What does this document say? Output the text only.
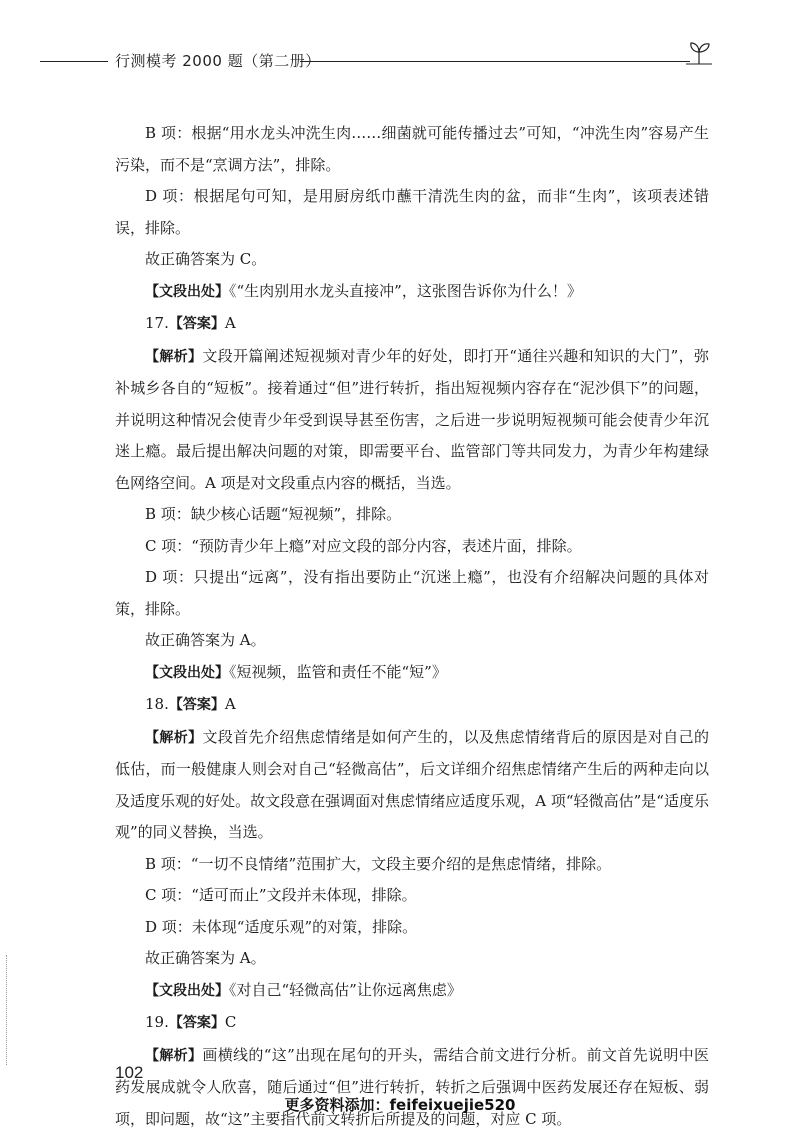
行测模考 2000 题（第二册）

B 项：根据“用水龙头冲洗生肉……细菌就可能传播过去”可知，“冲洗生肉”容易产生污染，而不是“烹调方法”，排除。

D 项：根据尾句可知，是用厨房纸巾蘸干清洗生肉的盆，而非“生肉”，该项表述错误，排除。

故正确答案为 C。

【文段出处】《“生肉别用水龙头直接冲”，这张图告诉你为什么！》

17.【答案】A

【解析】文段开篇阐述短视频对青少年的好处，即打开“通往兴趣和知识的大门”，弥补城乡各自的“短板”。接着通过“但”进行转折，指出短视频内容存在“泥沙俱下”的问题，并说明这种情况会使青少年受到误导甚至伤害，之后进一步说明短视频可能会使青少年沉迷上瘾。最后提出解决问题的对策，即需要平台、监管部门等共同发力，为青少年构建绿色网络空间。A 项是对文段重点内容的概括，当选。

B 项：缺少核心话题“短视频”，排除。

C 项：“预防青少年上瘾”对应文段的部分内容，表述片面，排除。

D 项：只提出“远离”，没有指出要防止“沉迷上瘾”，也没有介绍解决问题的具体对策，排除。

故正确答案为 A。

【文段出处】《短视频，监管和责任不能“短”》

18.【答案】A

【解析】文段首先介绍焦虑情绪是如何产生的，以及焦虑情绪背后的原因是对自己的低估，而一般健康人则会对自己“轻微高估”，后文详细介绍焦虑情绪产生后的两种走向以及适度乐观的好处。故文段意在强调面对焦虑情绪应适度乐观，A 项“轻微高估”是“适度乐观”的同义替换，当选。

B 项：“一切不良情绪”范围扩大，文段主要介绍的是焦虑情绪，排除。

C 项：“适可而止”文段并未体现，排除。

D 项：未体现“适度乐观”的对策，排除。

故正确答案为 A。

【文段出处】《对自己“轻微高估”让你远离焦虑》

19.【答案】C

【解析】画横线的“这”出现在尾句的开头，需结合前文进行分析。前文首先说明中医药发展成就令人欣喜，随后通过“但”进行转折，转折之后强调中医药发展还存在短板、弱项，即问题，故“这”主要指代前文转折后所提及的问题，对应 C 项。

102
更多资料添加：feifeixuejie520
